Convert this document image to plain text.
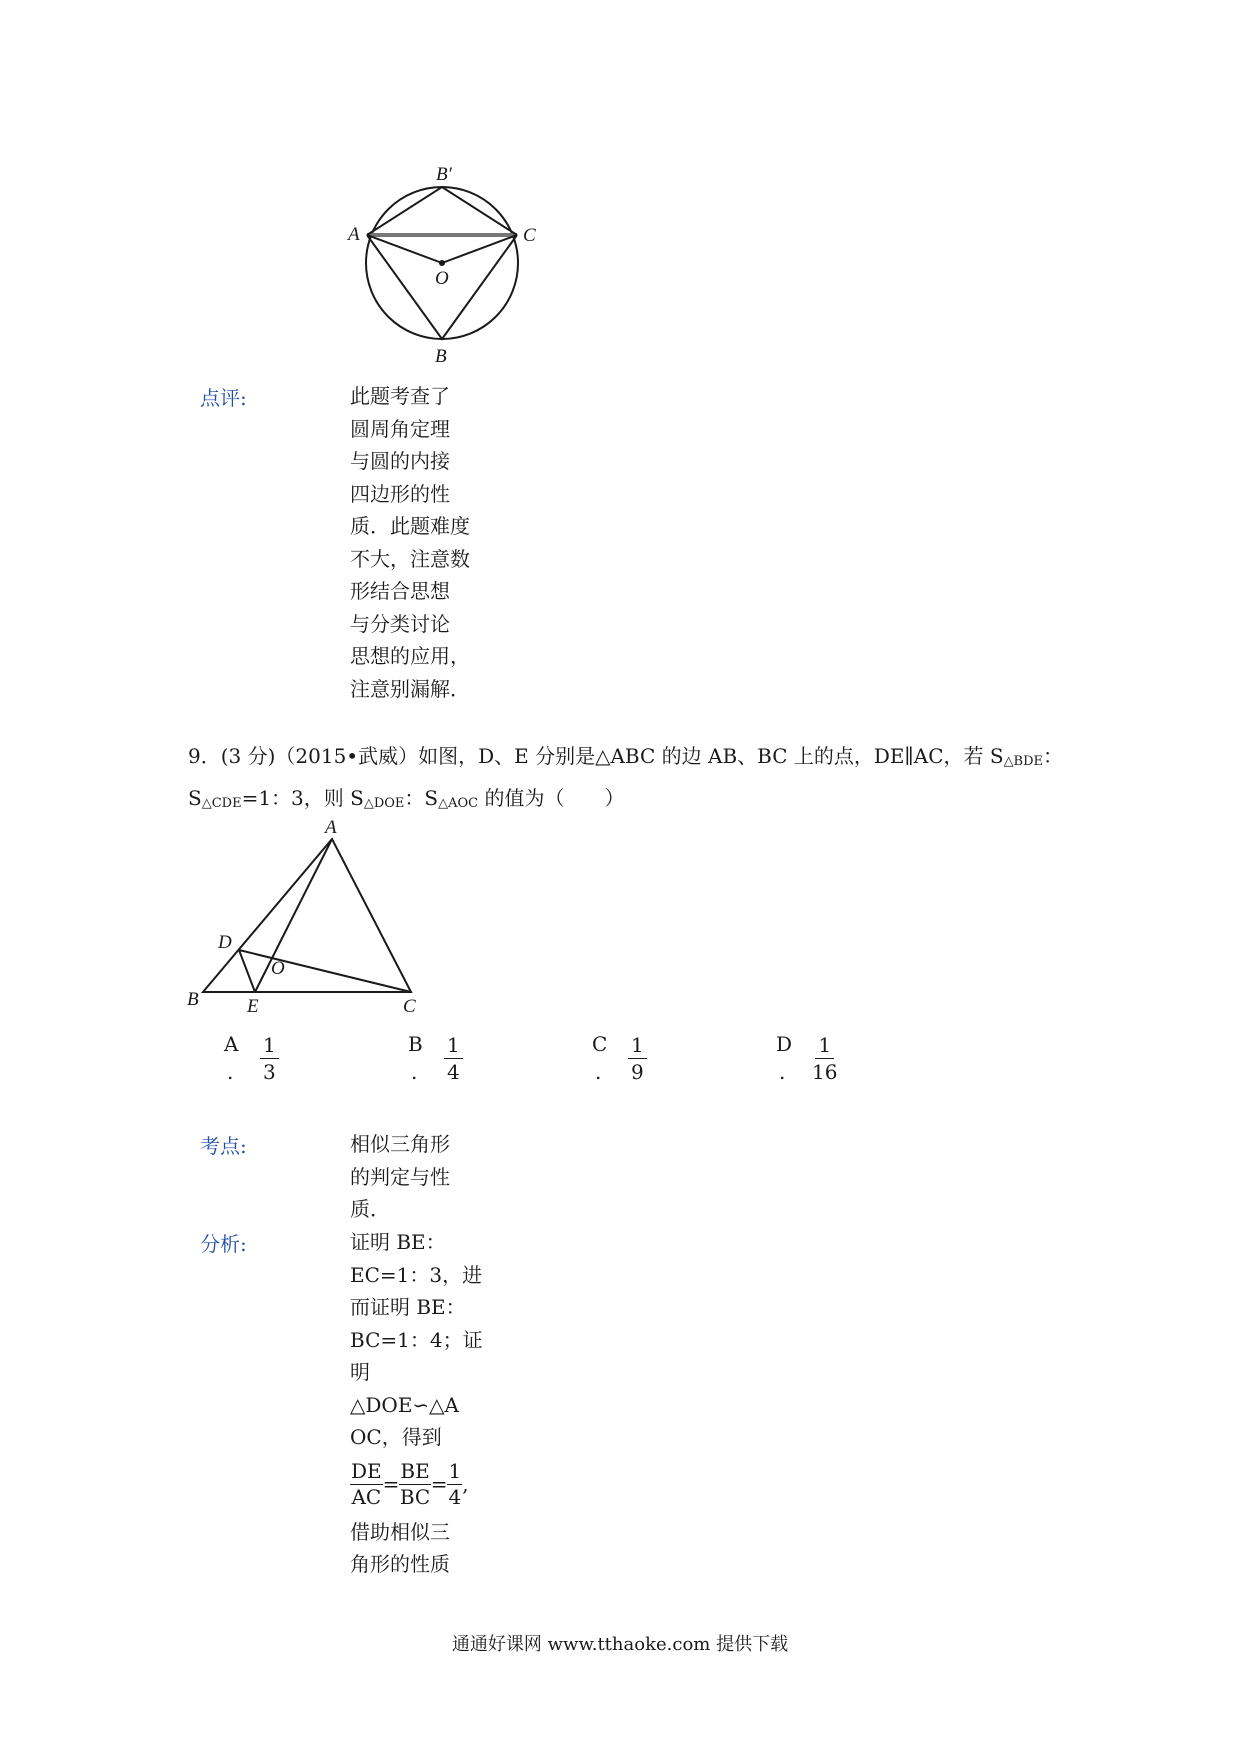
B′
A	C
O
B
点评:	此题考查了
圆周角定理
与圆的内接
四边形的性
质．此题难度
不大，注意数
形结合思想
与分类讨论
思想的应用，
注意别漏解．
9．(3 分)（2015•武威）如图，D、E 分别是△ABC 的边 AB、BC 上的点，DE∥AC，若 $S_{\triangle BDE}$：
$S_{\triangle CDE}=1$：3，则 $S_{\triangle DOE}$：$S_{\triangle AOC}$ 的值为（　　）
A
D
O
B	E	C
A
. $\frac{1}{3}$	B
. $\frac{1}{4}$	C
. $\frac{1}{9}$	D
. $\frac{1}{16}$
考点:	相似三角形
的判定与性
质．
分析:	证明 BE：
EC=1：3，进
而证明 BE：
BC=1：4；证
明
△DOE∽△A
OC，得到
$\frac{DE}{AC} = \frac{BE}{BC} = \frac{1}{4}$ ,
借助相似三
角形的性质
通通好课网 www.tthaoke.com 提供下载
